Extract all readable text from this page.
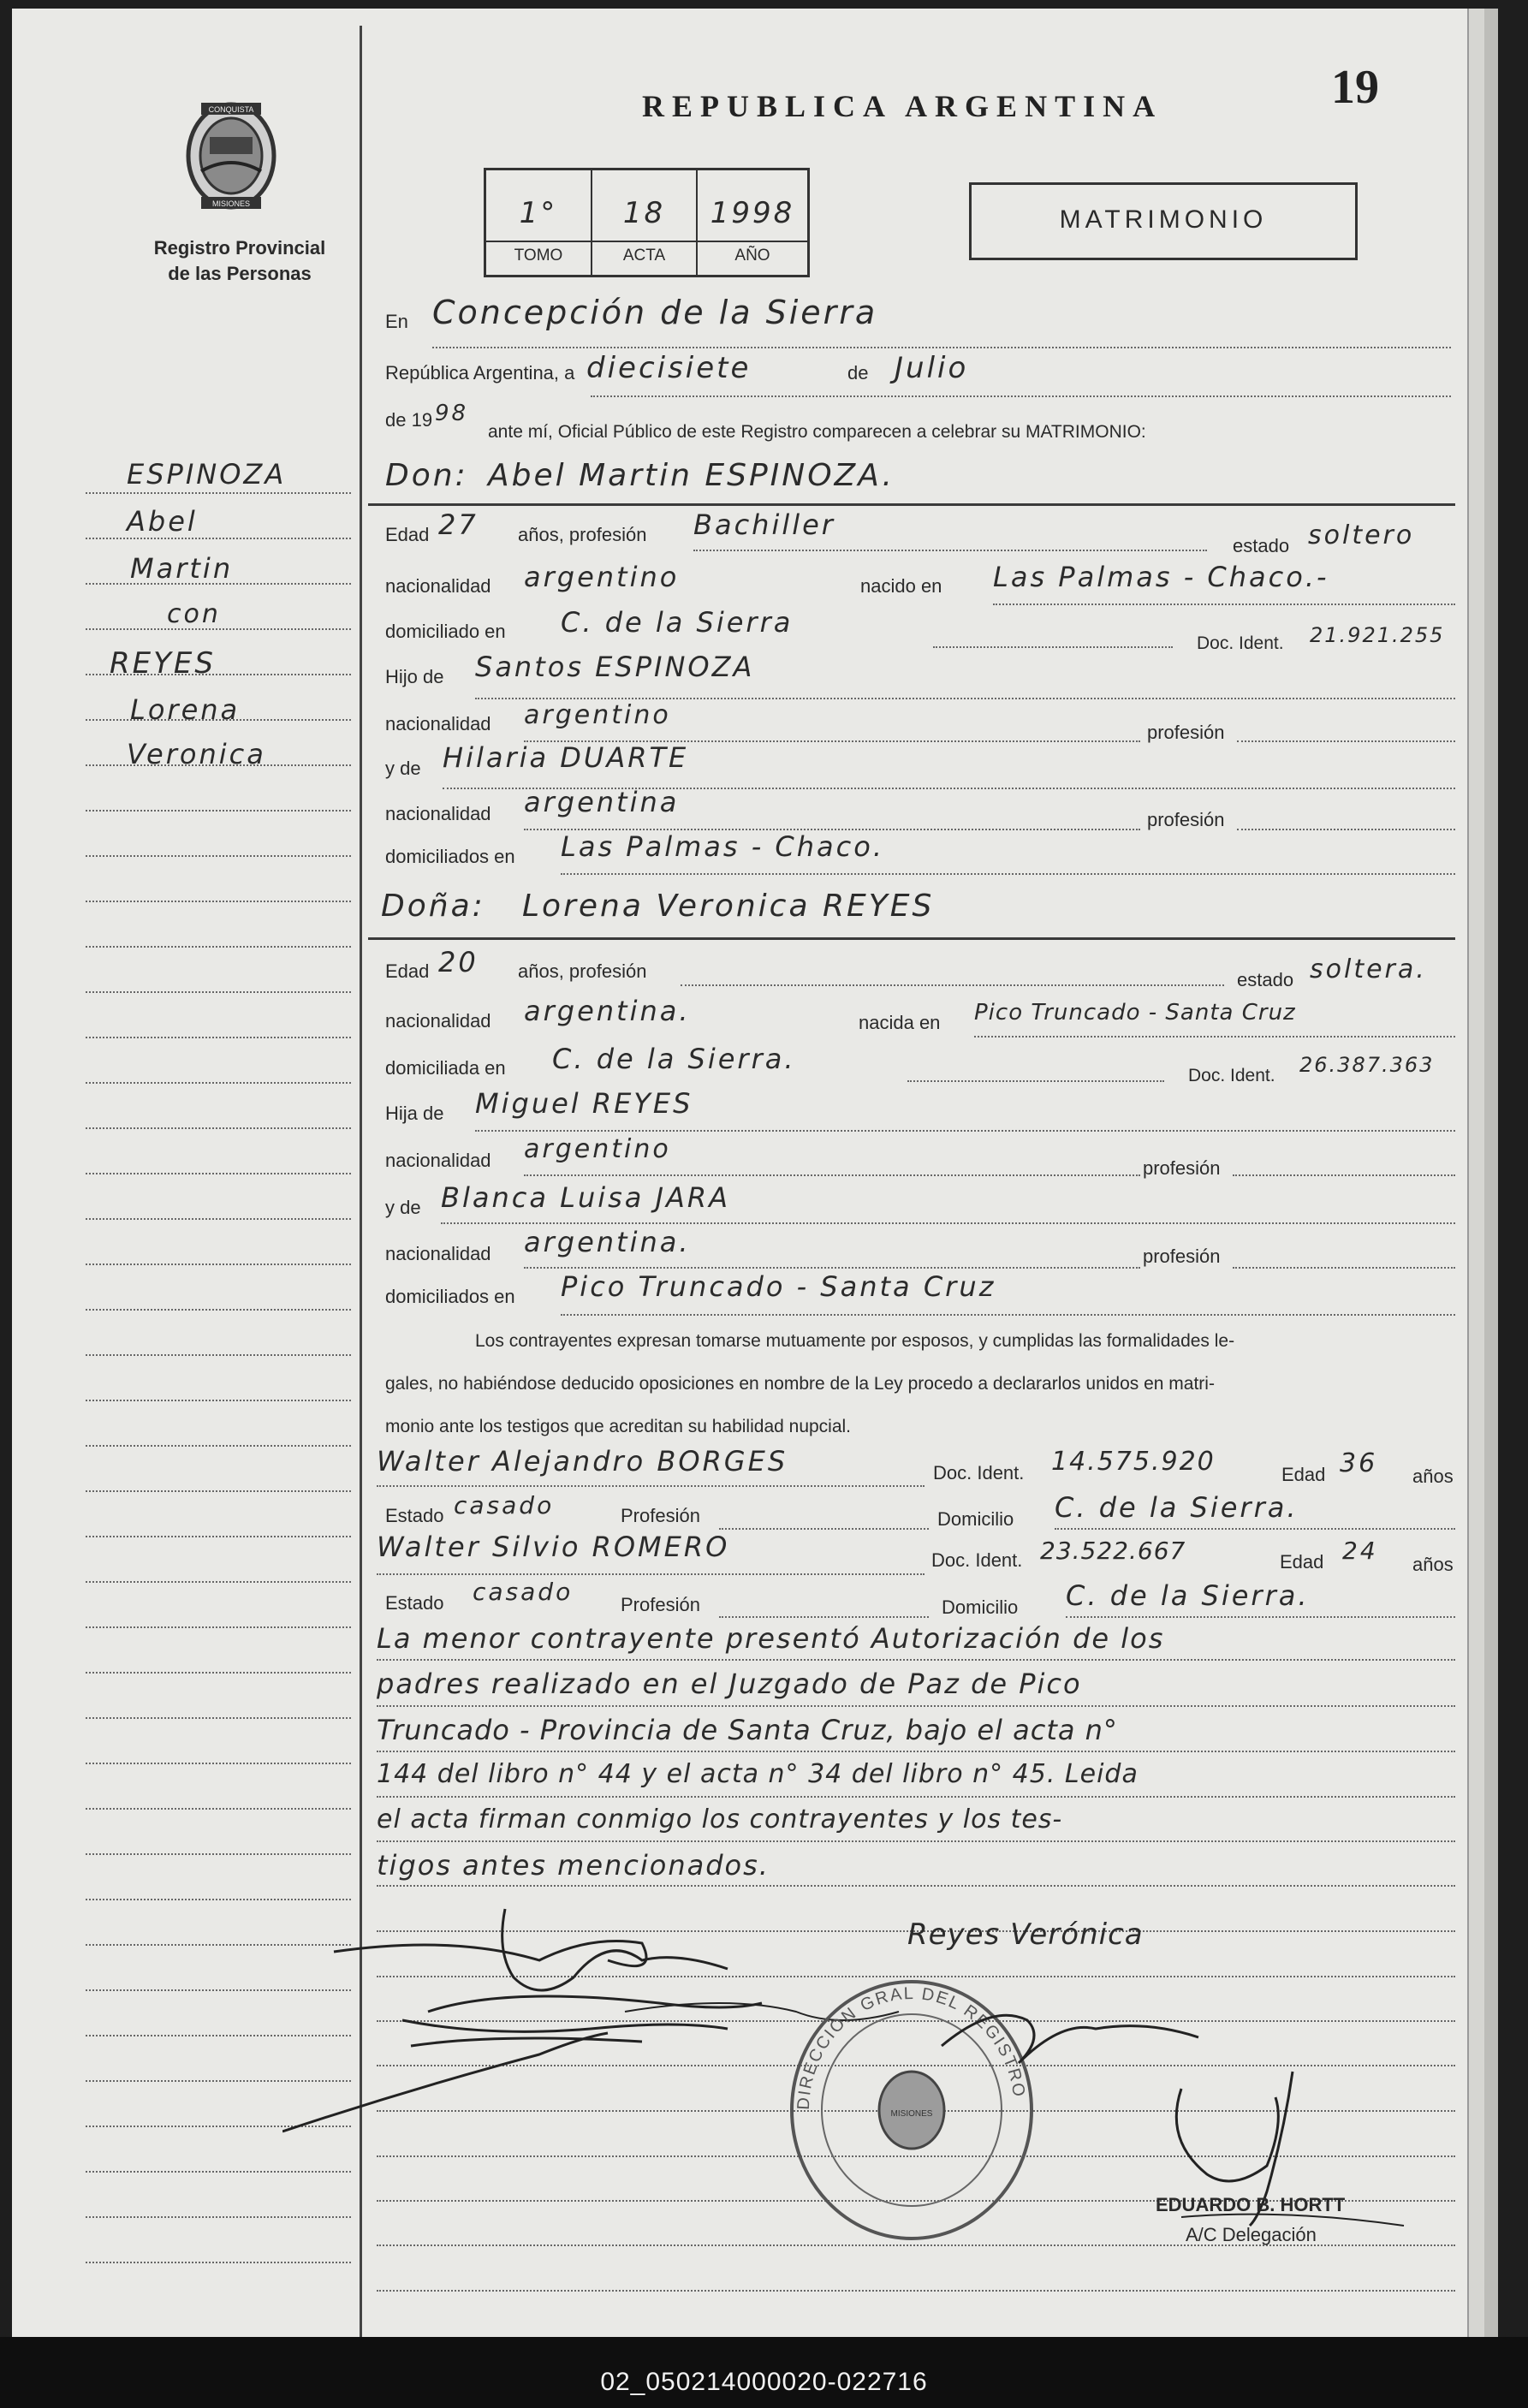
02_050214000020-022716
CONQUISTA
MISIONES
Registro Provincial
de las Personas
REPUBLICA ARGENTINA	19
1°	18	1998
TOMO	ACTA	AÑO
MATRIMONIO
En Concepción de la Sierra
República Argentina, a diecisiete	de Julio
de 19 98
ante mí, Oficial Público de este Registro comparecen a celebrar su MATRIMONIO:
Don: Abel Martin ESPINOZA.
Edad 27 años, profesión Bachiller
estado soltero
nacionalidad argentino	nacido en Las Palmas - Chaco.-
domiciliado en C. de la Sierra
Doc. Ident. 21.921.255
Hijo de Santos ESPINOZA
nacionalidad argentino
profesión
y de Hilaria DUARTE
nacionalidad argentina
profesión
domiciliados en Las Palmas - Chaco.
Doña: Lorena Veronica REYES
Edad 20 años, profesión	estado soltera.
nacionalidad argentina.	nacida en Pico Truncado - Santa Cruz
domiciliada en C. de la Sierra.
Doc. Ident. 26.387.363
Hija de Miguel REYES
nacionalidad argentino
profesión
y de Blanca Luisa JARA
nacionalidad argentina.	profesión
domiciliados en Pico Truncado - Santa Cruz
Los contrayentes expresan tomarse mutuamente por esposos, y cumplidas las formalidades le-
gales, no habiéndose deducido oposiciones en nombre de la Ley procedo a declararlos unidos en matri-
monio ante los testigos que acreditan su habilidad nupcial.
Walter Alejandro BORGES	Doc. Ident. 14.575.920	Edad 36 años
Estado casado	Profesión	Domicilio C. de la Sierra.
Walter Silvio ROMERO	Doc. Ident. 23.522.667	Edad 24 años
Estado casado	Profesión	Domicilio C. de la Sierra.
La menor contrayente presentó Autorización de los
padres realizado en el Juzgado de Paz de Pico
Truncado - Provincia de Santa Cruz, bajo el acta n°
144 del libro n° 44 y el acta n° 34 del libro n° 45. Leida
el acta firman conmigo los contrayentes y los tes-
tigos antes mencionados.
ESPINOZA
Abel
Martin
con
REYES
Lorena
Veronica
Reyes Verónica
MISIONES
DIRECCION GRAL DEL REGISTRO
EDUARDO B. HORTT
A/C Delegación
